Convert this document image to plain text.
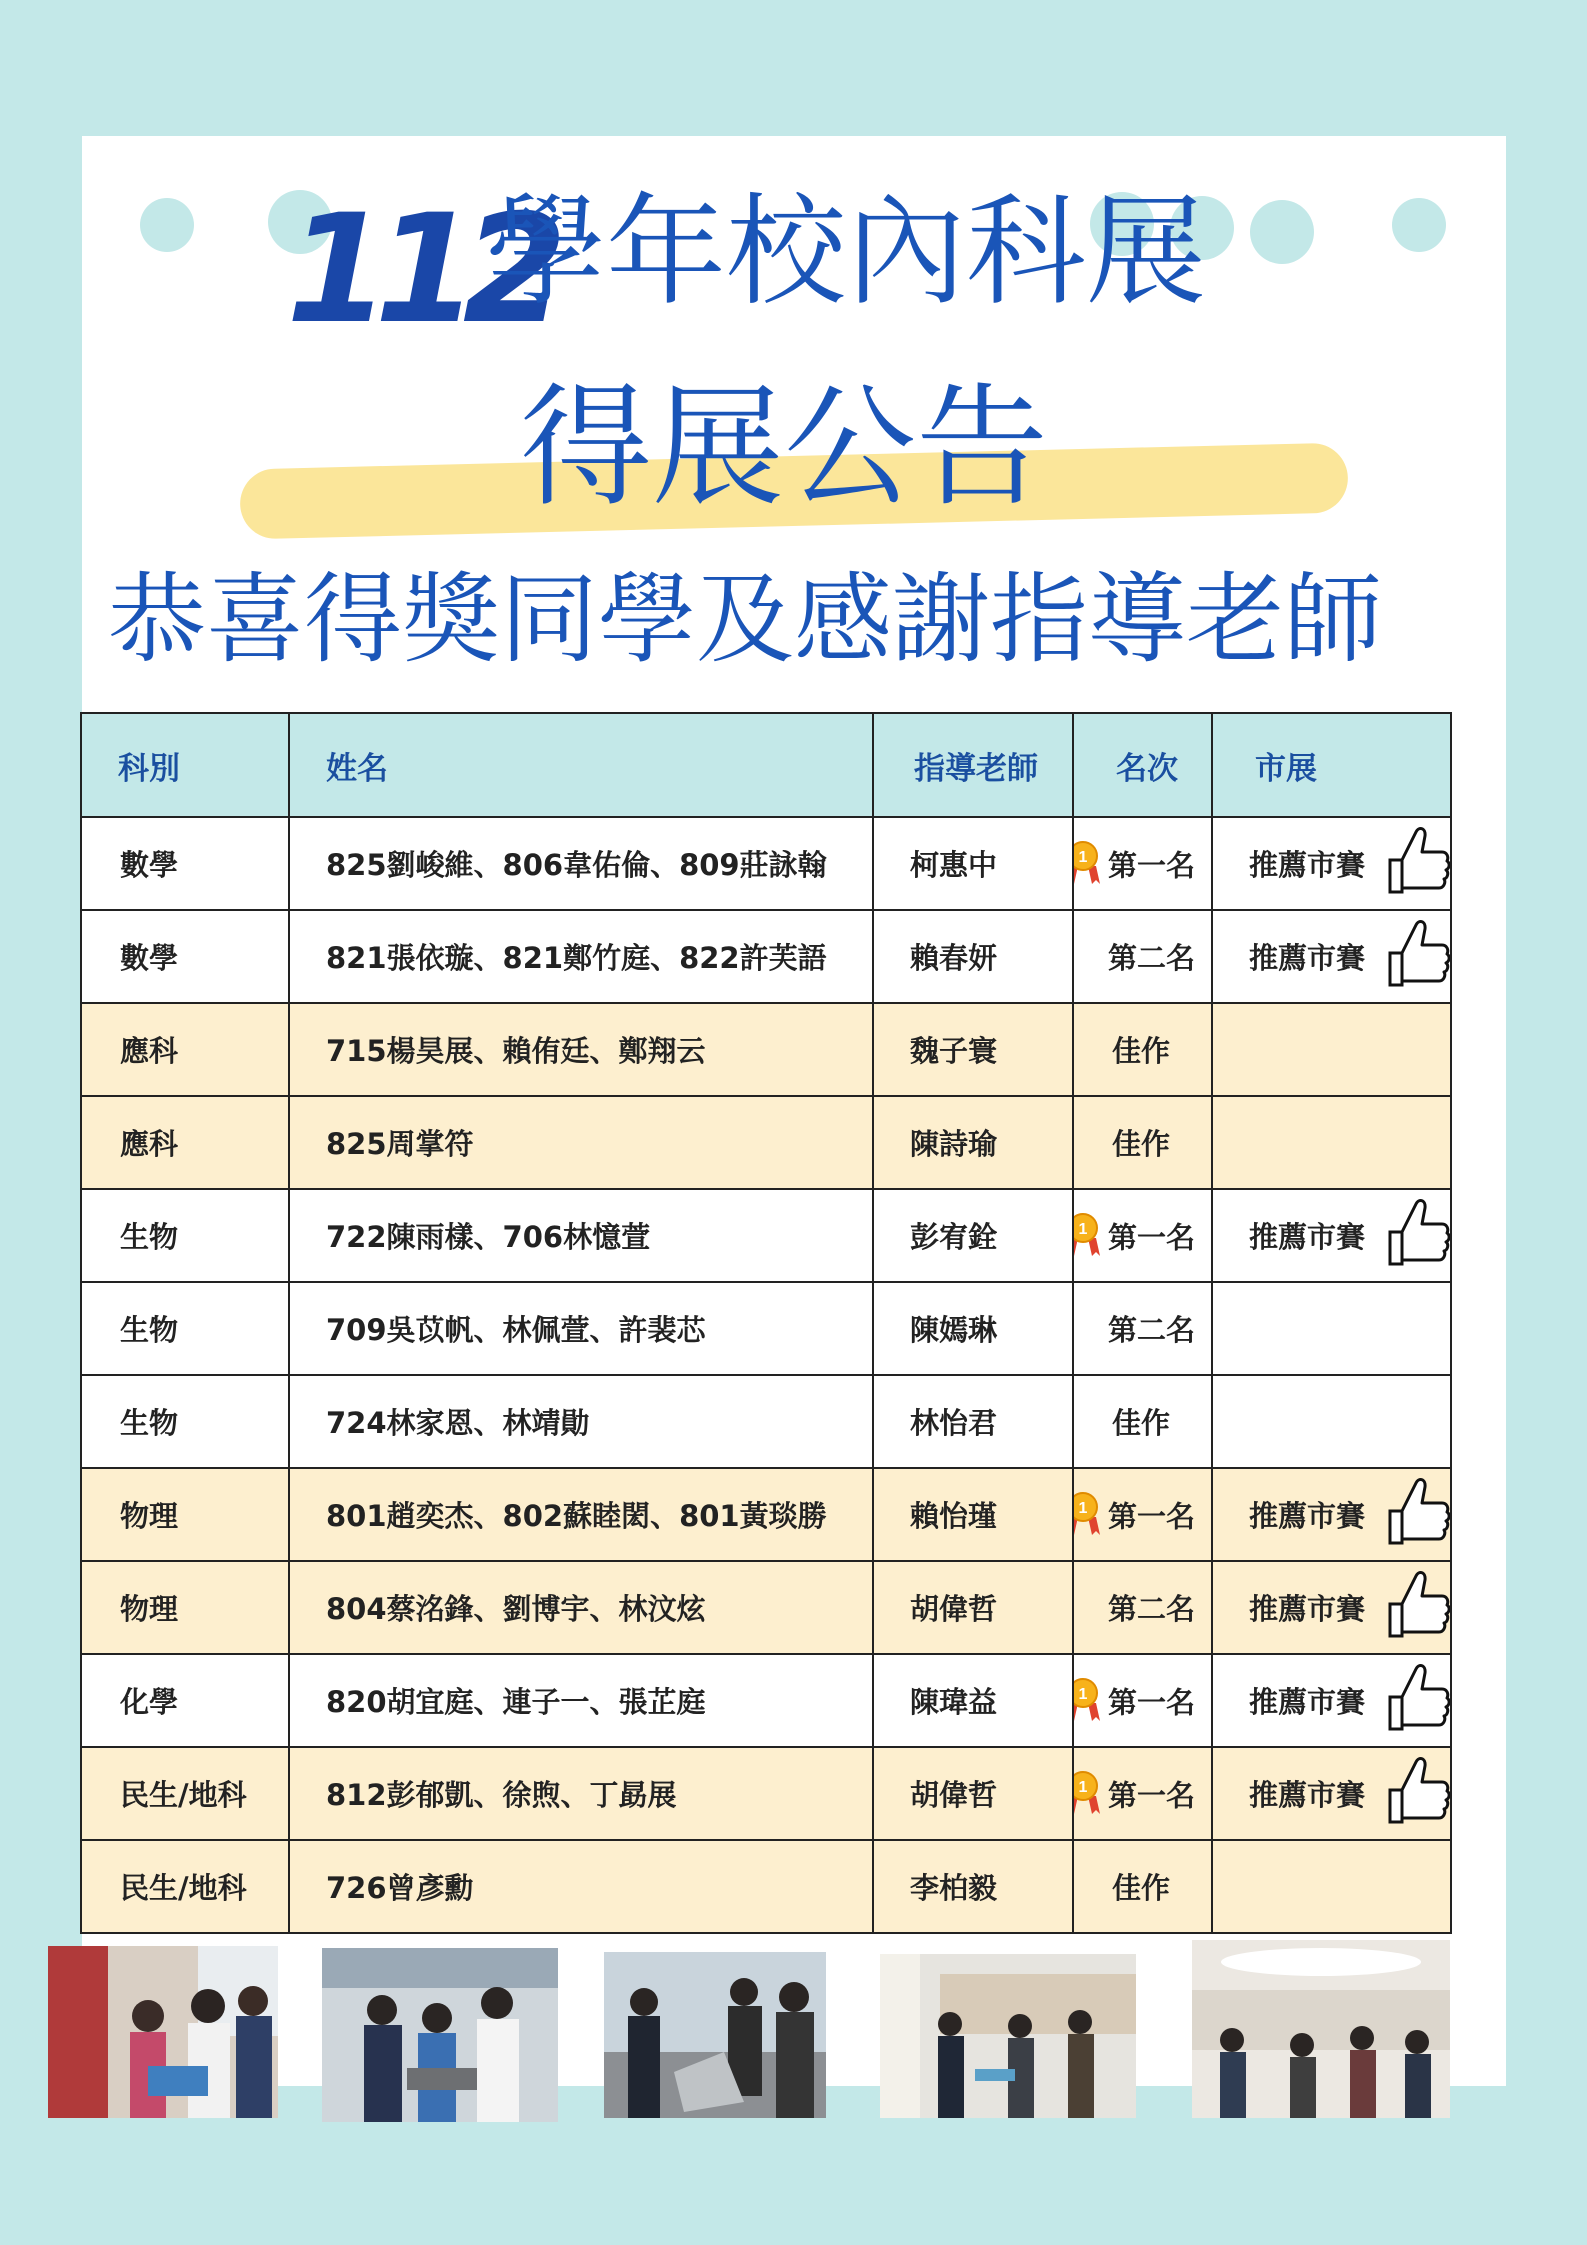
112
學年校內科展
得展公告
恭喜得獎同學及感謝指導老師
科別	姓名	指導老師	名次	市展
數學	825劉峻維、806韋佑倫、809莊詠翰	柯惠中	1 第一名	推薦市賽

數學	821張依璇、821鄭竹庭、822許芙語	賴春妍	第二名	推薦市賽

應科	715楊昊展、賴侑廷、鄭翔云	魏子寰	佳作	
應科	825周掌符	陳詩瑜	佳作	
生物	722陳雨樣、706林憶萱	彭宥銓	1 第一名	推薦市賽

生物	709吳苡帆、林佩萱、許裴芯	陳嫣琳	第二名	
生物	724林家恩、林靖勛	林怡君	佳作	
物理	801趙奕杰、802蘇睦閎、801黃琰勝	賴怡瑾	1 第一名	推薦市賽

物理	804蔡洺鋒、劉博宇、林汶炫	胡偉哲	第二名	推薦市賽

化學	820胡宜庭、連子一、張芷庭	陳瑋益	1 第一名	推薦市賽

民生/地科	812彭郁凱、徐煦、丁勗展	胡偉哲	1 第一名	推薦市賽

民生/地科	726曾彥勳	李柏毅	佳作	
